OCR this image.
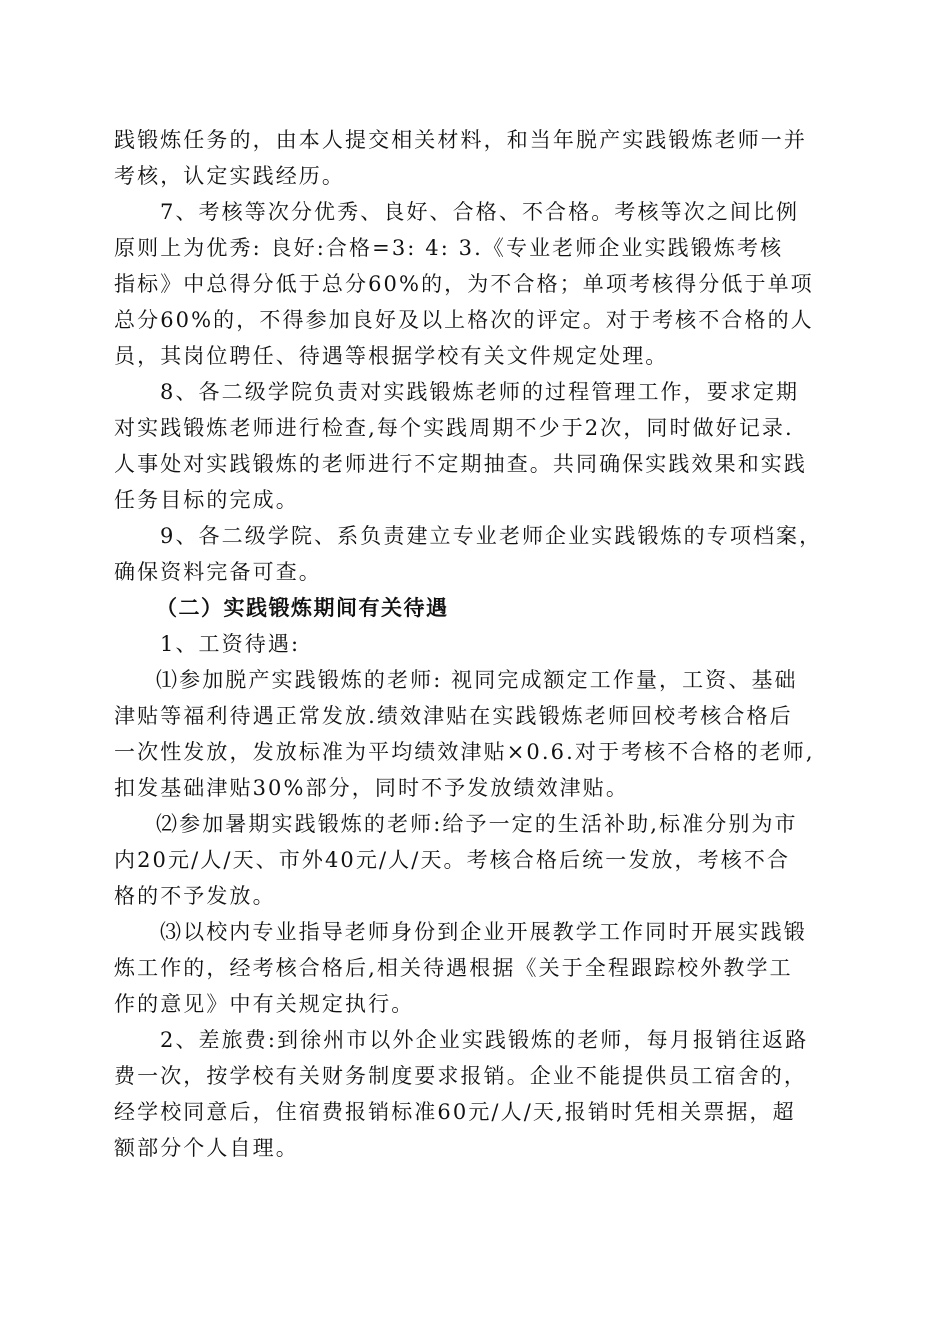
践锻炼任务的，由本人提交相关材料，和当年脱产实践锻炼老师一并
考核，认定实践经历。
7、考核等次分优秀、良好、合格、不合格。考核等次之间比例
原则上为优秀: 良好:合格=3: 4: 3.《专业老师企业实践锻炼考核
指标》中总得分低于总分60%的，为不合格；单项考核得分低于单项
总分60%的，不得参加良好及以上格次的评定。对于考核不合格的人
员，其岗位聘任、待遇等根据学校有关文件规定处理。
8、各二级学院负责对实践锻炼老师的过程管理工作，要求定期
对实践锻炼老师进行检查,每个实践周期不少于2次，同时做好记录.
人事处对实践锻炼的老师进行不定期抽查。共同确保实践效果和实践
任务目标的完成。
9、各二级学院、系负责建立专业老师企业实践锻炼的专项档案，
确保资料完备可查。
（二）实践锻炼期间有关待遇
1、工资待遇:
⑴参加脱产实践锻炼的老师: 视同完成额定工作量，工资、基础
津贴等福利待遇正常发放.绩效津贴在实践锻炼老师回校考核合格后
一次性发放，发放标准为平均绩效津贴×0.6.对于考核不合格的老师,
扣发基础津贴30%部分，同时不予发放绩效津贴。
⑵参加暑期实践锻炼的老师:给予一定的生活补助,标准分别为市
内20元/人/天、市外40元/人/天。考核合格后统一发放，考核不合
格的不予发放。
⑶以校内专业指导老师身份到企业开展教学工作同时开展实践锻
炼工作的，经考核合格后,相关待遇根据《关于全程跟踪校外教学工
作的意见》中有关规定执行。
2、差旅费:到徐州市以外企业实践锻炼的老师，每月报销往返路
费一次，按学校有关财务制度要求报销。企业不能提供员工宿舍的，
经学校同意后，住宿费报销标准60元/人/天,报销时凭相关票据，超
额部分个人自理。
